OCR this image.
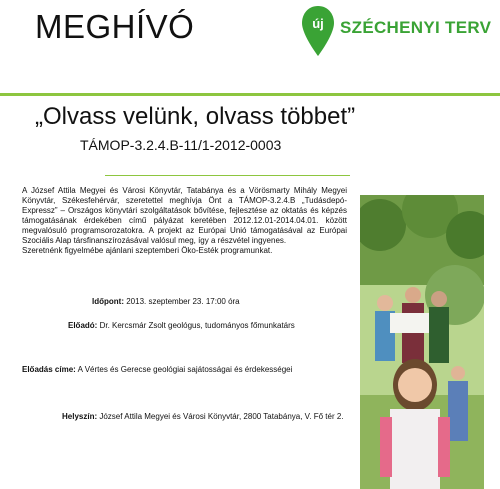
MEGHÍVÓ	új SZÉCHENYI TERV
„Olvass velünk, olvass többet”
TÁMOP-3.2.4.B-11/1-2012-0003

A József Attila Megyei és Városi Könyvtár, Tatabánya és a Vörösmarty Mihály Megyei Könyvtár, Székesfehérvár, szeretettel meghívja Önt a TÁMOP-3.2.4.B „Tudásdepó-Expressz” – Országos könyvtári szolgáltatások bővítése, fejlesztése az oktatás és képzés támogatásának érdekében című pályázat keretében 2012.12.01-2014.04.01. között megvalósuló programsorozatokra. A projekt az Európai Unió támogatásával az Európai Szociális Alap társfinanszírozásával valósul meg, így a részvétel ingyenes.

Szeretnénk figyelmébe ajánlani szeptemberi Öko-Esték programunkat.

Időpont: 2013. szeptember 23. 17:00 óra
Előadó: Dr. Kercsmár Zsolt geológus, tudományos főmunkatárs
Előadás címe: A Vértes és Gerecse geológiai sajátosságai és érdekességei
Helyszín: József Attila Megyei és Városi Könyvtár, 2800 Tatabánya, V. Fő tér 2.
